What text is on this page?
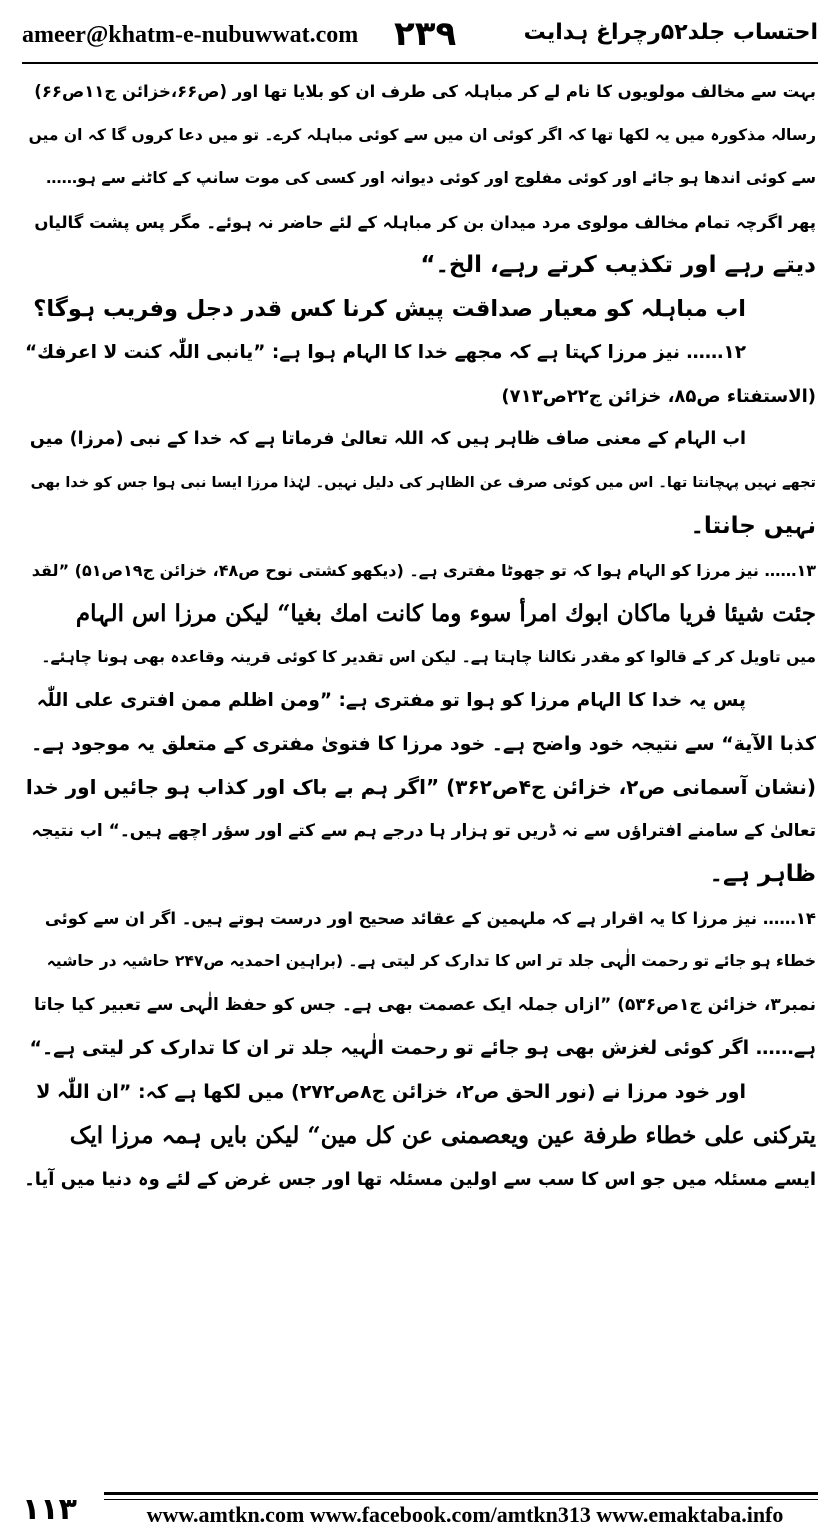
ameer@khatm-e-nubuwwat.com ۲۳۹	احتساب جلد۵۲رچراغ ہدایت
بہت سے مخالف مولویوں کا نام لے کر مباہلہ کی طرف ان کو بلایا تھا اور (ص۶۶،خزائن ج۱۱ص۶۶)
رسالہ مذکورہ میں یہ لکھا تھا کہ اگر کوئی ان میں سے کوئی مباہلہ کرے۔ تو میں دعا کروں گا کہ ان میں
سے کوئی اندھا ہو جائے اور کوئی مفلوج اور کوئی دیوانہ اور کسی کی موت سانپ کے کاٹنے سے ہو……
پھر اگرچہ تمام مخالف مولوی مرد میدان بن کر مباہلہ کے لئے حاضر نہ ہوئے۔ مگر پس پشت گالیاں
دیتے رہے اور تکذیب کرتے رہے، الخ۔“
اب مباہلہ کو معیار صداقت پیش کرنا کس قدر دجل وفریب ہوگا؟
۱۲…… نیز مرزا کہتا ہے کہ مجھے خدا کا الہام ہوا ہے: ”یانبی اللّٰہ کنت لا اعرفك“
(الاستفتاء ص۸۵، خزائن ج۲۲ص۷۱۳)
اب الہام کے معنی صاف ظاہر ہیں کہ اللہ تعالیٰ فرماتا ہے کہ خدا کے نبی (مرزا) میں
تجھے نہیں پہچانتا تھا۔ اس میں کوئی صرف عن الظاہر کی دلیل نہیں۔ لہٰذا مرزا ایسا نبی ہوا جس کو خدا بھی
نہیں جانتا۔
۱۳…… نیز مرزا کو الہام ہوا کہ تو جھوٹا مفتری ہے۔ (دیکھو کشتی نوح ص۴۸، خزائن ج۱۹ص۵۱) ”لقد
جئت شیئا فریا ماکان ابوك امرأ سوء وما كانت امك بغیا“ لیکن مرزا اس الہام
میں تاویل کر کے قالوا کو مقدر نکالنا چاہتا ہے۔ لیکن اس تقدیر کا کوئی قرینہ وقاعدہ بھی ہونا چاہئے۔
پس یہ خدا کا الہام مرزا کو ہوا تو مفتری ہے: ”ومن اظلم ممن افتری علی اللّٰہ
كذبا الآیة“ سے نتیجہ خود واضح ہے۔ خود مرزا کا فتویٰ مفتری کے متعلق یہ موجود ہے۔
(نشان آسمانی ص۲، خزائن ج۴ص۳۶۲) ”اگر ہم بے باک اور کذاب ہو جائیں اور خدا
تعالیٰ کے سامنے افتراؤں سے نہ ڈریں تو ہزار ہا درجے ہم سے کتے اور سؤر اچھے ہیں۔“ اب نتیجہ
ظاہر ہے۔
۱۴…… نیز مرزا کا یہ اقرار ہے کہ ملہمین کے عقائد صحیح اور درست ہوتے ہیں۔ اگر ان سے کوئی
خطاء ہو جائے تو رحمت الٰہی جلد تر اس کا تدارک کر لیتی ہے۔ (براہین احمدیہ ص۲۴۷ حاشیہ در حاشیہ
نمبر۳، خزائن ج۱ص۵۳۶) ”ازاں جملہ ایک عصمت بھی ہے۔ جس کو حفظ الٰہی سے تعبیر کیا جاتا
ہے…… اگر کوئی لغزش بھی ہو جائے تو رحمت الٰہیہ جلد تر ان کا تدارک کر لیتی ہے۔“
اور خود مرزا نے (نور الحق ص۲، خزائن ج۸ص۲۷۲) میں لکھا ہے کہ: ”ان اللّٰہ لا
یترکنی علی خطاء طرفة عین ویعصمنی عن کل مین“ لیکن بایں ہمہ مرزا ایک
ایسے مسئلہ میں جو اس کا سب سے اولین مسئلہ تھا اور جس غرض کے لئے وہ دنیا میں آیا۔
۱۱۳	www.amtkn.com www.facebook.com/amtkn313 www.emaktaba.info
